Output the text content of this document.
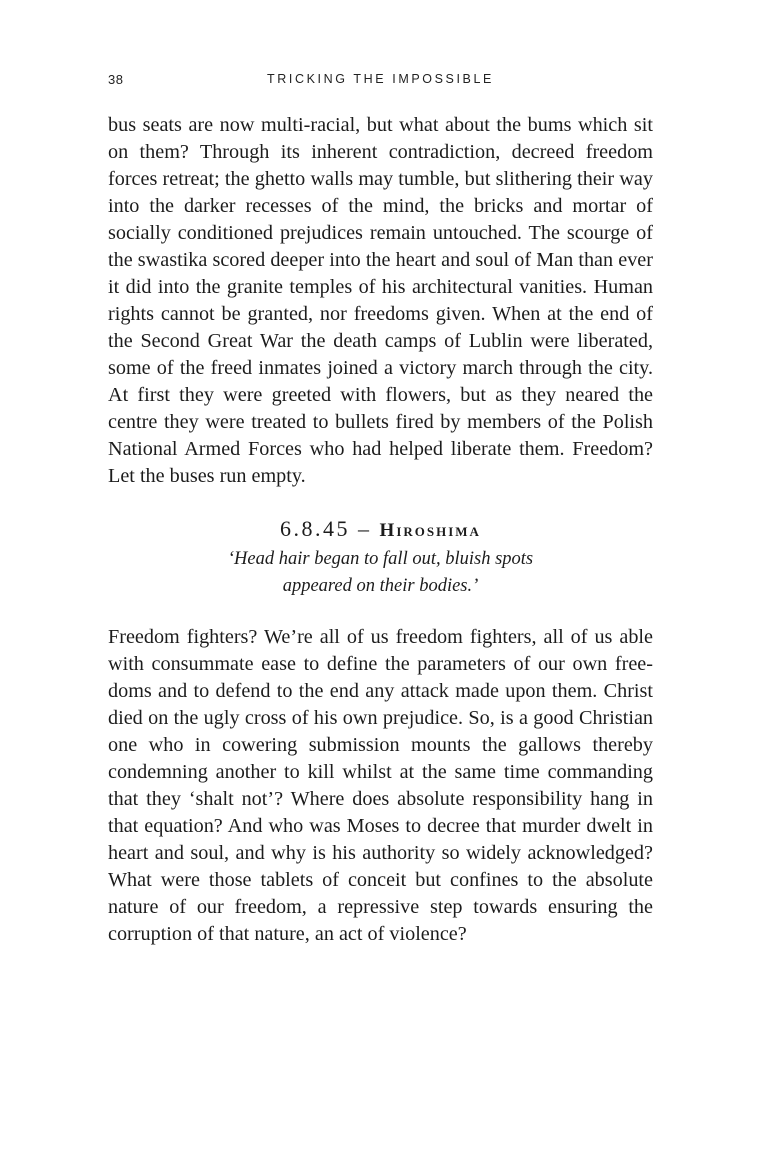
38	TRICKING THE IMPOSSIBLE

bus seats are now multi-racial, but what about the bums which sit on them? Through its inherent contradiction, decreed freedom forces retreat; the ghetto walls may tumble, but slithering their way into the darker recesses of the mind, the bricks and mortar of socially conditioned prejudices remain untouched. The scourge of the swastika scored deeper into the heart and soul of Man than ever it did into the granite temples of his architectural vanities. Human rights cannot be granted, nor freedoms given. When at the end of the Second Great War the death camps of Lublin were liberated, some of the freed inmates joined a victory march through the city. At first they were greeted with flowers, but as they neared the centre they were treated to bullets fired by members of the Polish National Armed Forces who had helped liberate them. Freedom? Let the buses run empty.

6.8.45 – Hiroshima
‘Head hair began to fall out, bluish spots
appeared on their bodies.’

Freedom fighters? We’re all of us freedom fighters, all of us able with consummate ease to define the parameters of our own freedoms and to defend to the end any attack made upon them. Christ died on the ugly cross of his own prejudice. So, is a good Christian one who in cowering submission mounts the gallows thereby condemning another to kill whilst at the same time commanding that they ‘shalt not’? Where does absolute responsibility hang in that equation? And who was Moses to decree that murder dwelt in heart and soul, and why is his authority so widely acknowledged? What were those tablets of conceit but confines to the absolute nature of our freedom, a repressive step towards ensuring the corruption of that nature, an act of violence?
